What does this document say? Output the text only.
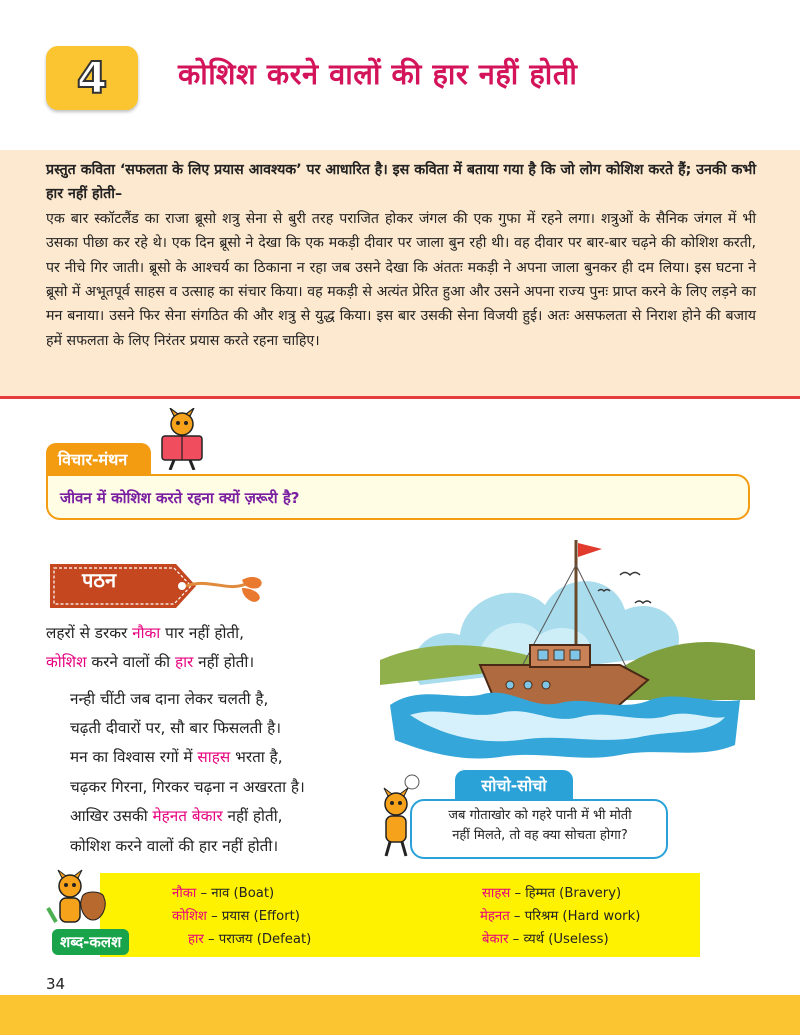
4 कोशिश करने वालों की हार नहीं होती
प्रस्तुत कविता ‘सफलता के लिए प्रयास आवश्यक’ पर आधारित है। इस कविता में बताया गया है कि जो लोग कोशिश करते हैं; उनकी कभी हार नहीं होती–
एक बार स्कॉटलैंड का राजा ब्रूसो शत्रु सेना से बुरी तरह पराजित होकर जंगल की एक गुफा में रहने लगा। शत्रुओं के सैनिक जंगल में भी उसका पीछा कर रहे थे। एक दिन ब्रूसो ने देखा कि एक मकड़ी दीवार पर जाला बुन रही थी। वह दीवार पर बार-बार चढ़ने की कोशिश करती, पर नीचे गिर जाती। ब्रूसो के आश्चर्य का ठिकाना न रहा जब उसने देखा कि अंततः मकड़ी ने अपना जाला बुनकर ही दम लिया। इस घटना ने ब्रूसो में अभूतपूर्व साहस व उत्साह का संचार किया। वह मकड़ी से अत्यंत प्रेरित हुआ और उसने अपना राज्य पुनः प्राप्त करने के लिए लड़ने का मन बनाया। उसने फिर सेना संगठित की और शत्रु से युद्ध किया। इस बार उसकी सेना विजयी हुई। अतः असफलता से निराश होने की बजाय हमें सफलता के लिए निरंतर प्रयास करते रहना चाहिए।
विचार-मंथन
जीवन में कोशिश करते रहना क्यों ज़रूरी है?
पठन
लहरों से डरकर नौका पार नहीं होती,
कोशिश करने वालों की हार नहीं होती।
नन्ही चींटी जब दाना लेकर चलती है,
चढ़ती दीवारों पर, सौ बार फिसलती है।
मन का विश्वास रगों में साहस भरता है,
चढ़कर गिरना, गिरकर चढ़ना न अखरता है।
आखिर उसकी मेहनत बेकार नहीं होती,
कोशिश करने वालों की हार नहीं होती।
सोचो-सोचो
जब गोताखोर को गहरे पानी में भी मोती
नहीं मिलते, तो वह क्या सोचता होगा?
शब्द-कलश
नौका – नाव (Boat)
कोशिश – प्रयास (Effort)
हार – पराजय (Defeat)
साहस – हिम्मत (Bravery)
मेहनत – परिश्रम (Hard work)
बेकार – व्यर्थ (Useless)
34
